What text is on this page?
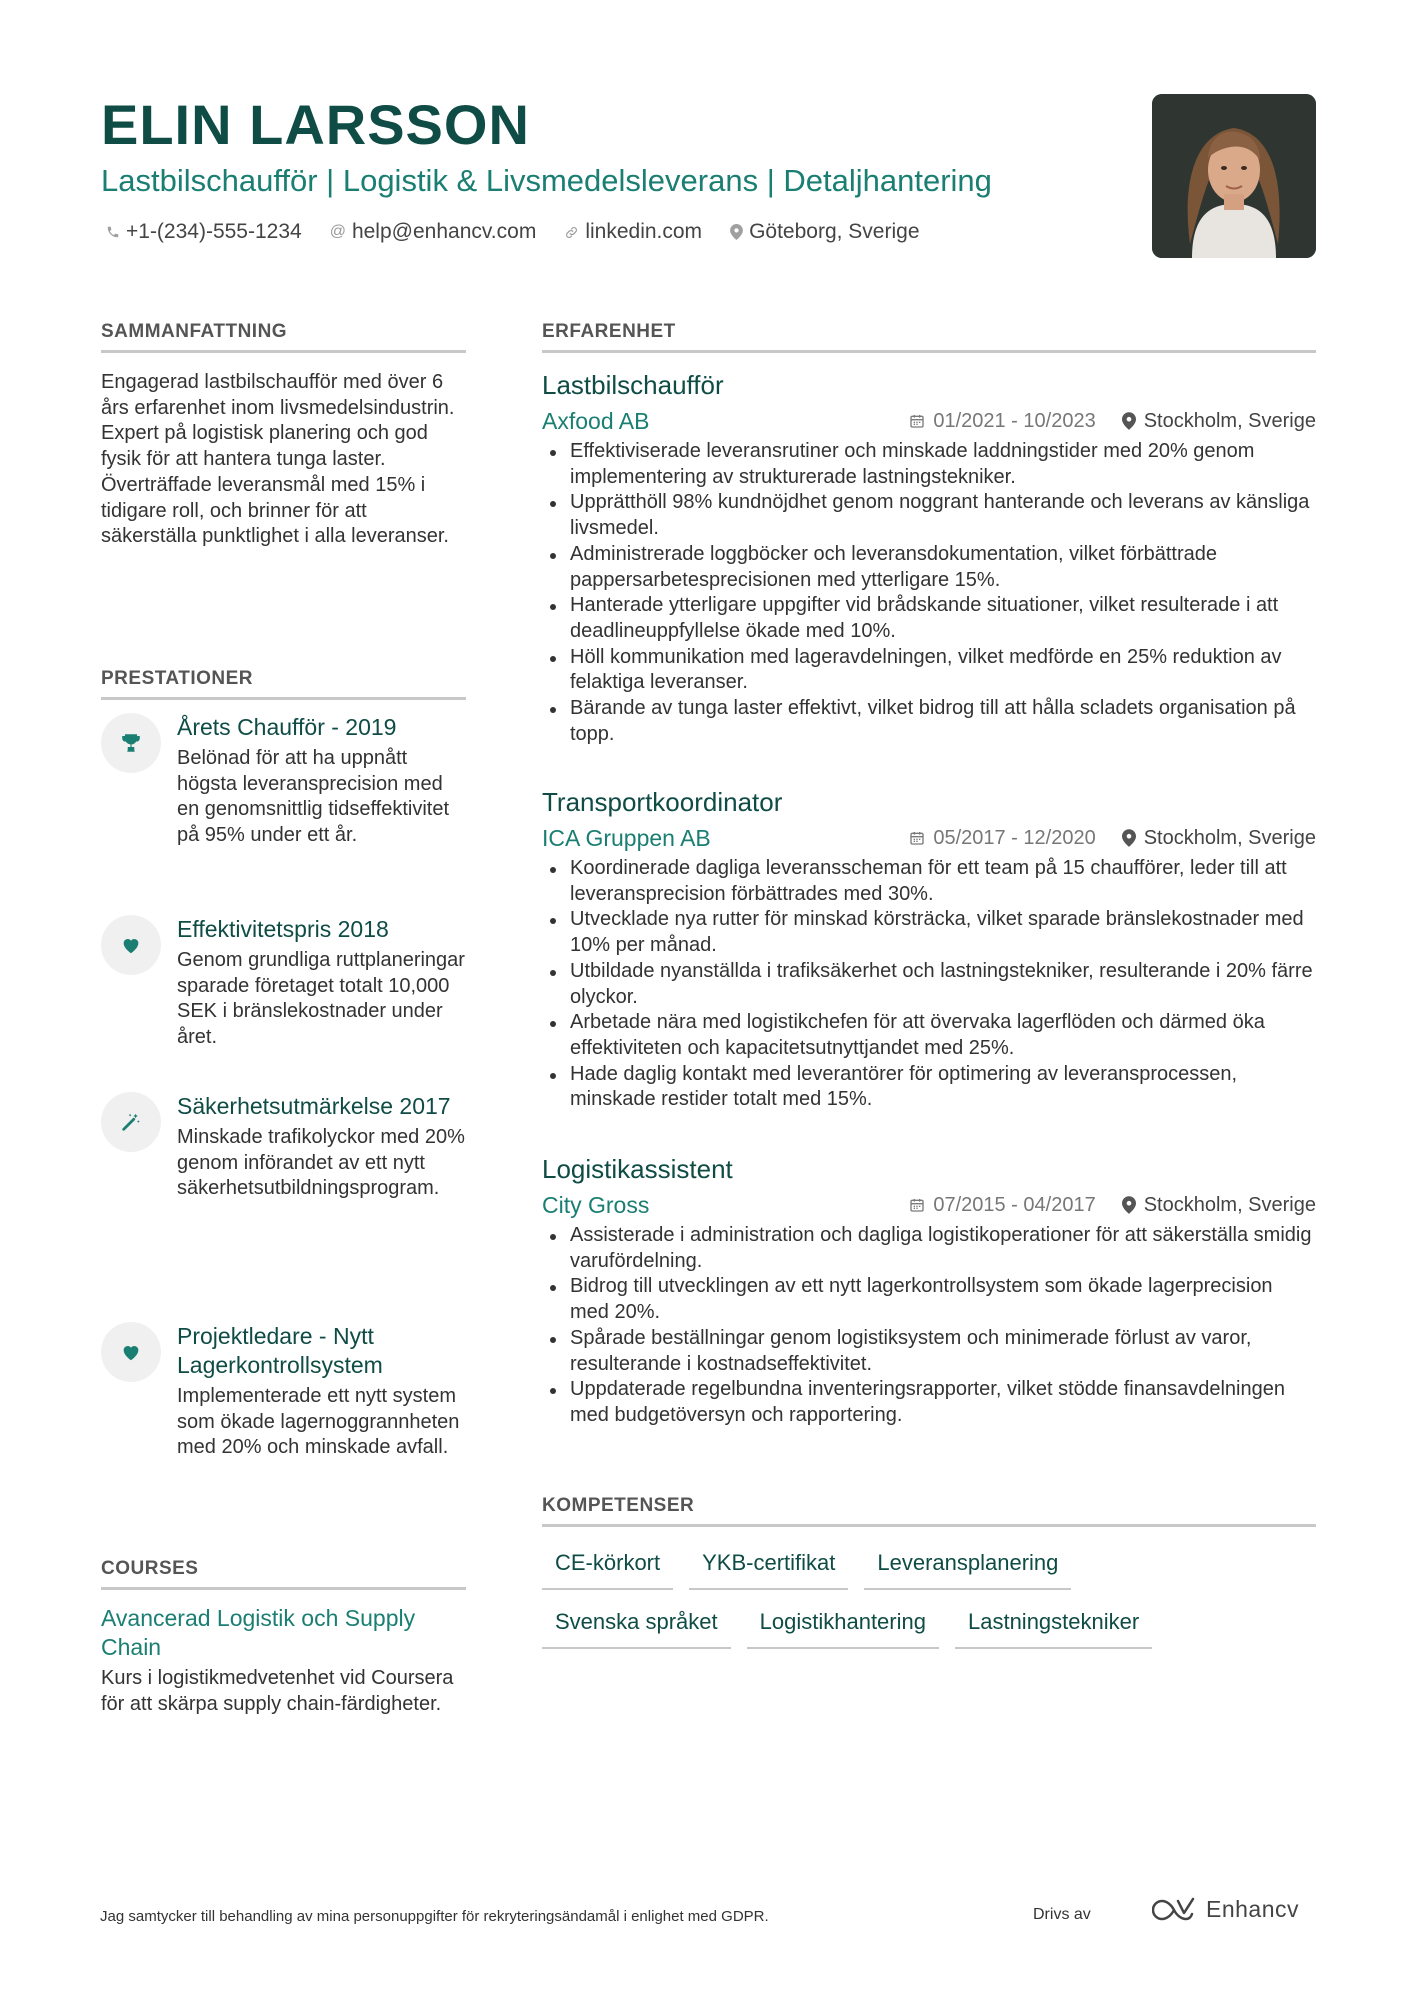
ELIN LARSSON

Lastbilschaufför | Logistik & Livsmedelsleverans | Detaljhantering

+1-(234)-555-1234 @ help@enhancv.com linkedin.com Göteborg, Sverige
SAMMANFATTNING

Engagerad lastbilschaufför med över 6 års erfarenhet inom livsmedelsindustrin. Expert på logistisk planering och god fysik för att hantera tunga laster. Överträffade leveransmål med 15% i tidigare roll, och brinner för att säkerställa punktlighet i alla leveranser.

PRESTATIONER

Årets Chaufför - 2019

Belönad för att ha uppnått högsta leveransprecision med en genomsnittlig tidseffektivitet på 95% under ett år.

Effektivitetspris 2018

Genom grundliga ruttplaneringar sparade företaget totalt 10,000 SEK i bränslekostnader under året.

Säkerhetsutmärkelse 2017

Minskade trafikolyckor med 20% genom införandet av ett nytt säkerhetsutbildningsprogram.

Projektledare - Nytt Lagerkontrollsystem

Implementerade ett nytt system som ökade lagernoggrannheten med 20% och minskade avfall.

COURSES

Avancerad Logistik och Supply Chain

Kurs i logistikmedvetenhet vid Coursera för att skärpa supply chain-färdigheter.

ERFARENHET

Lastbilschaufför

Axfood AB	01/2021 - 10/2023 Stockholm, Sverige
Effektiviserade leveransrutiner och minskade laddningstider med 20% genom implementering av strukturerade lastningstekniker.
Upprätthöll 98% kundnöjdhet genom noggrant hanterande och leverans av känsliga livsmedel.
Administrerade loggböcker och leveransdokumentation, vilket förbättrade pappersarbetesprecisionen med ytterligare 15%.
Hanterade ytterligare uppgifter vid brådskande situationer, vilket resulterade i att deadlineuppfyllelse ökade med 10%.
Höll kommunikation med lageravdelningen, vilket medförde en 25% reduktion av felaktiga leveranser.
Bärande av tunga laster effektivt, vilket bidrog till att hålla scladets organisation på topp.

Transportkoordinator

ICA Gruppen AB	05/2017 - 12/2020 Stockholm, Sverige
Koordinerade dagliga leveransscheman för ett team på 15 chaufförer, leder till att leveransprecision förbättrades med 30%.
Utvecklade nya rutter för minskad körsträcka, vilket sparade bränslekostnader med 10% per månad.
Utbildade nyanställda i trafiksäkerhet och lastningstekniker, resulterande i 20% färre olyckor.
Arbetade nära med logistikchefen för att övervaka lagerflöden och därmed öka effektiviteten och kapacitetsutnyttjandet med 25%.
Hade daglig kontakt med leverantörer för optimering av leveransprocessen, minskade restider totalt med 15%.

Logistikassistent

City Gross	07/2015 - 04/2017 Stockholm, Sverige
Assisterade i administration och dagliga logistikoperationer för att säkerställa smidig varufördelning.
Bidrog till utvecklingen av ett nytt lagerkontrollsystem som ökade lagerprecision med 20%.
Spårade beställningar genom logistiksystem och minimerade förlust av varor, resulterande i kostnadseffektivitet.
Uppdaterade regelbundna inventeringsrapporter, vilket stödde finansavdelningen med budgetöversyn och rapportering.
KOMPETENSER
CE-körkort	YKB-certifikat	Leveransplanering
Svenska språket	Logistikhantering	Lastningstekniker

Jag samtycker till behandling av mina personuppgifter för rekryteringsändamål i enlighet med GDPR.	Drivs av	Enhancv
